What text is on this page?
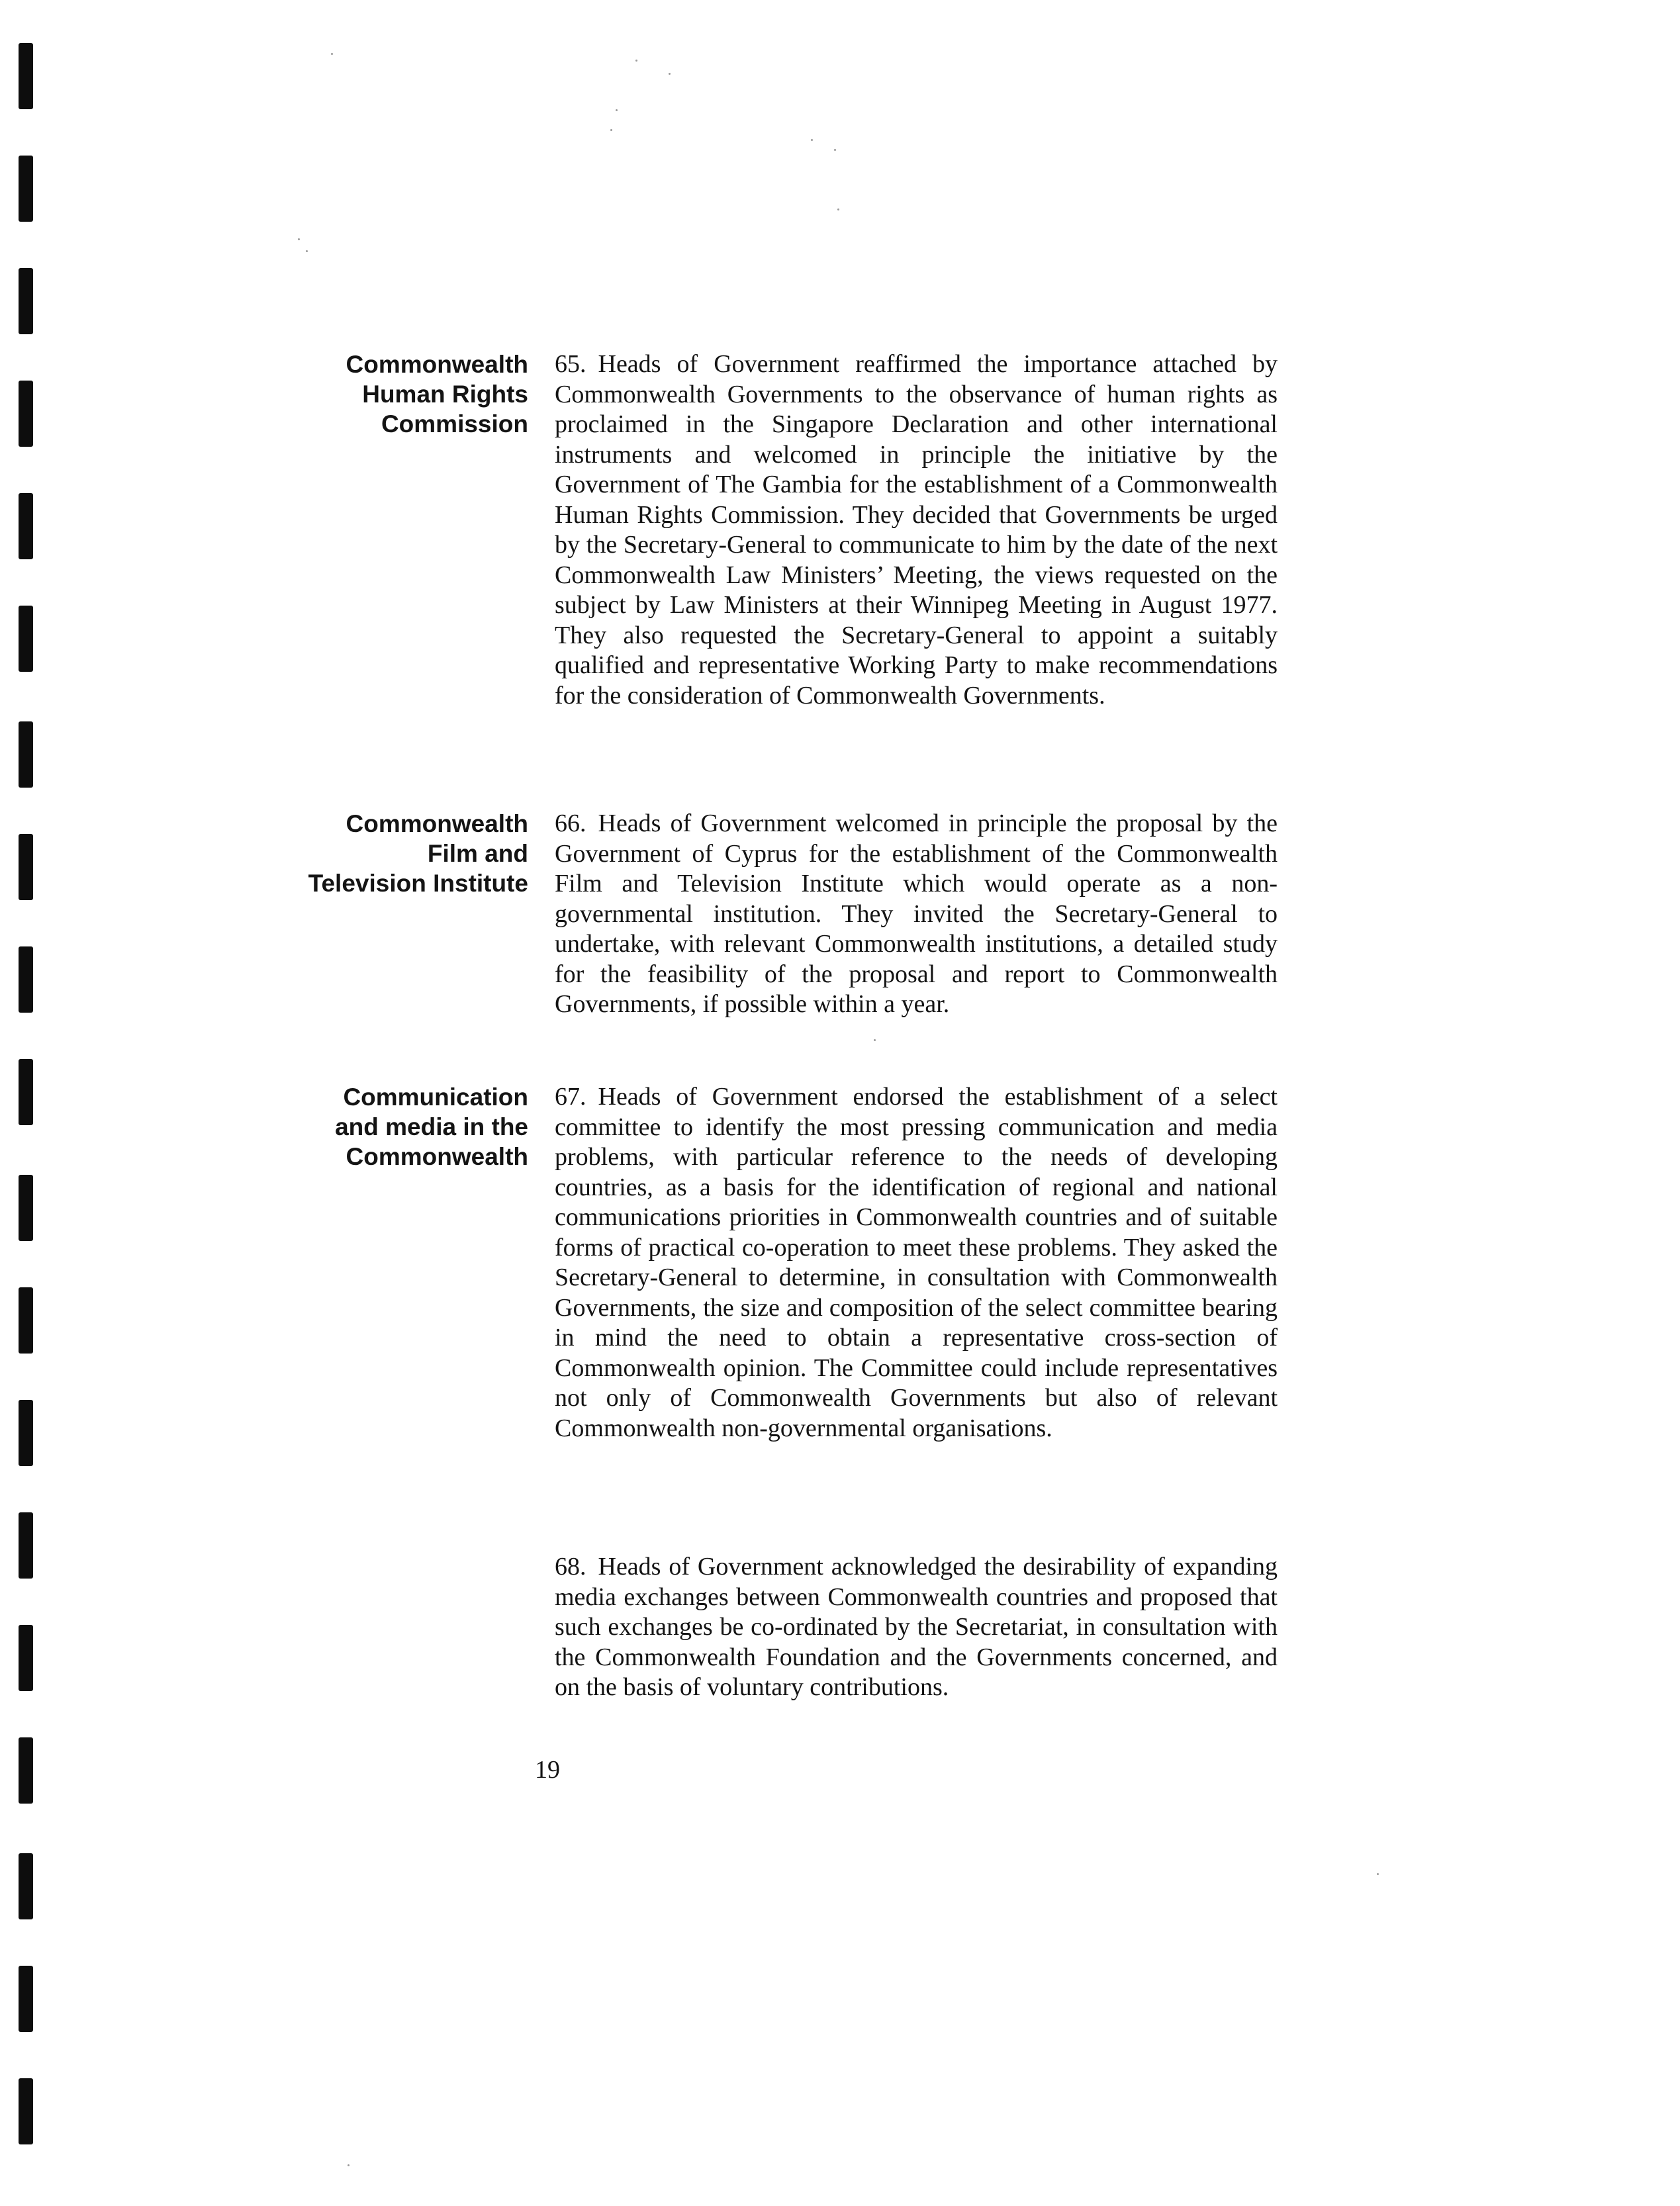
Commonwealth
Human Rights
Commission
65. Heads of Government reaffirmed the importance attached by Commonwealth Governments to the observance of human rights as proclaimed in the Singapore Declaration and other international instruments and welcomed in principle the initiative by the Government of The Gambia for the establishment of a Commonwealth Human Rights Commission. They decided that Governments be urged by the Secretary-General to communicate to him by the date of the next Commonwealth Law Ministers’ Meeting, the views requested on the subject by Law Ministers at their Winnipeg Meeting in August 1977. They also requested the Secretary-General to appoint a suitably qualified and representative Working Party to make recommendations for the consideration of Commonwealth Governments.
Commonwealth
Film and
Television Institute
66. Heads of Government welcomed in principle the proposal by the Government of Cyprus for the establishment of the Commonwealth Film and Television Institute which would operate as a non-governmental institution. They invited the Secretary-General to undertake, with relevant Commonwealth institutions, a detailed study for the feasibility of the proposal and report to Commonwealth Governments, if possible within a year.
Communication
and media in the
Commonwealth
67. Heads of Government endorsed the establishment of a select committee to identify the most pressing communication and media problems, with particular reference to the needs of developing countries, as a basis for the identification of regional and national communications priorities in Commonwealth countries and of suitable forms of practical co-operation to meet these problems. They asked the Secretary-General to determine, in consultation with Commonwealth Governments, the size and composition of the select committee bearing in mind the need to obtain a representative cross-section of Commonwealth opinion. The Committee could include representatives not only of Commonwealth Governments but also of relevant Commonwealth non-governmental organisations.
68. Heads of Government acknowledged the desirability of expanding media exchanges between Commonwealth countries and proposed that such exchanges be co-ordinated by the Secretariat, in consultation with the Commonwealth Foundation and the Governments concerned, and on the basis of voluntary contributions.
19
